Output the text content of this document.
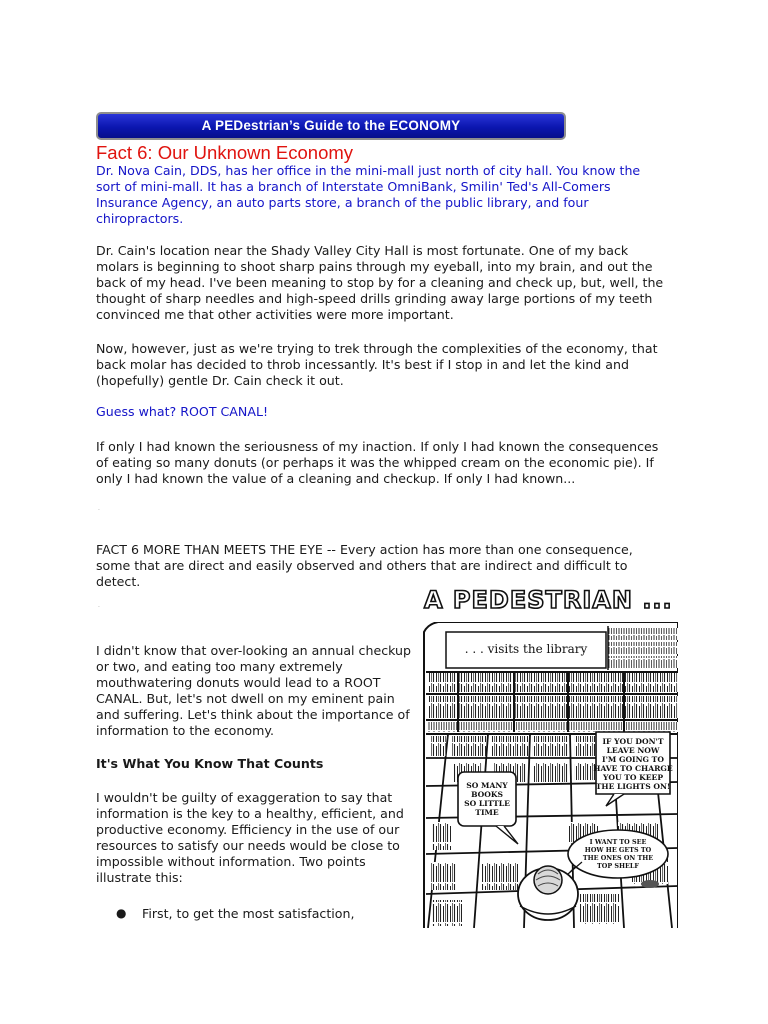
A PEDestrian’s Guide to the ECONOMY
Fact 6: Our Unknown Economy

Dr. Nova Cain, DDS, has her office in the mini-mall just north of city hall. You know the sort of mini-mall. It has a branch of Interstate OmniBank, Smilin' Ted's All-Comers Insurance Agency, an auto parts store, a branch of the public library, and four chiropractors.

Dr. Cain's location near the Shady Valley City Hall is most fortunate. One of my back molars is beginning to shoot sharp pains through my eyeball, into my brain, and out the back of my head. I've been meaning to stop by for a cleaning and check up, but, well, the thought of sharp needles and high-speed drills grinding away large portions of my teeth convinced me that other activities were more important.

Now, however, just as we're trying to trek through the complexities of the economy, that back molar has decided to throb incessantly. It's best if I stop in and let the kind and (hopefully) gentle Dr. Cain check it out.

Guess what? ROOT CANAL!

If only I had known the seriousness of my inaction. If only I had known the consequences of eating so many donuts (or perhaps it was the whipped cream on the economic pie). If only I had known the value of a cleaning and checkup. If only I had known...

.

FACT 6 MORE THAN MEETS THE EYE -- Every action has more than one consequence, some that are direct and easily observed and others that are indirect and difficult to detect.

.

I didn't know that over-looking an annual checkup or two, and eating too many extremely mouthwatering donuts would lead to a ROOT CANAL. But, let's not dwell on my eminent pain and suffering. Let's think about the importance of information to the economy.

It's What You Know That Counts

I wouldn't be guilty of exaggeration to say that information is the key to a healthy, efficient, and productive economy. Efficiency in the use of our resources to satisfy our needs would be close to impossible without information. Two points illustrate this:

● First, to get the most satisfaction,
A PEDESTRIAN ...
. . . visits the library
IF YOU DON'T
LEAVE NOW
I'M GOING TO
HAVE TO CHARGE
YOU TO KEEP
THE LIGHTS ON!
SO MANY
BOOKS
SO LITTLE
TIME
I WANT TO SEE
HOW HE GETS TO
THE ONES ON THE
TOP SHELF
